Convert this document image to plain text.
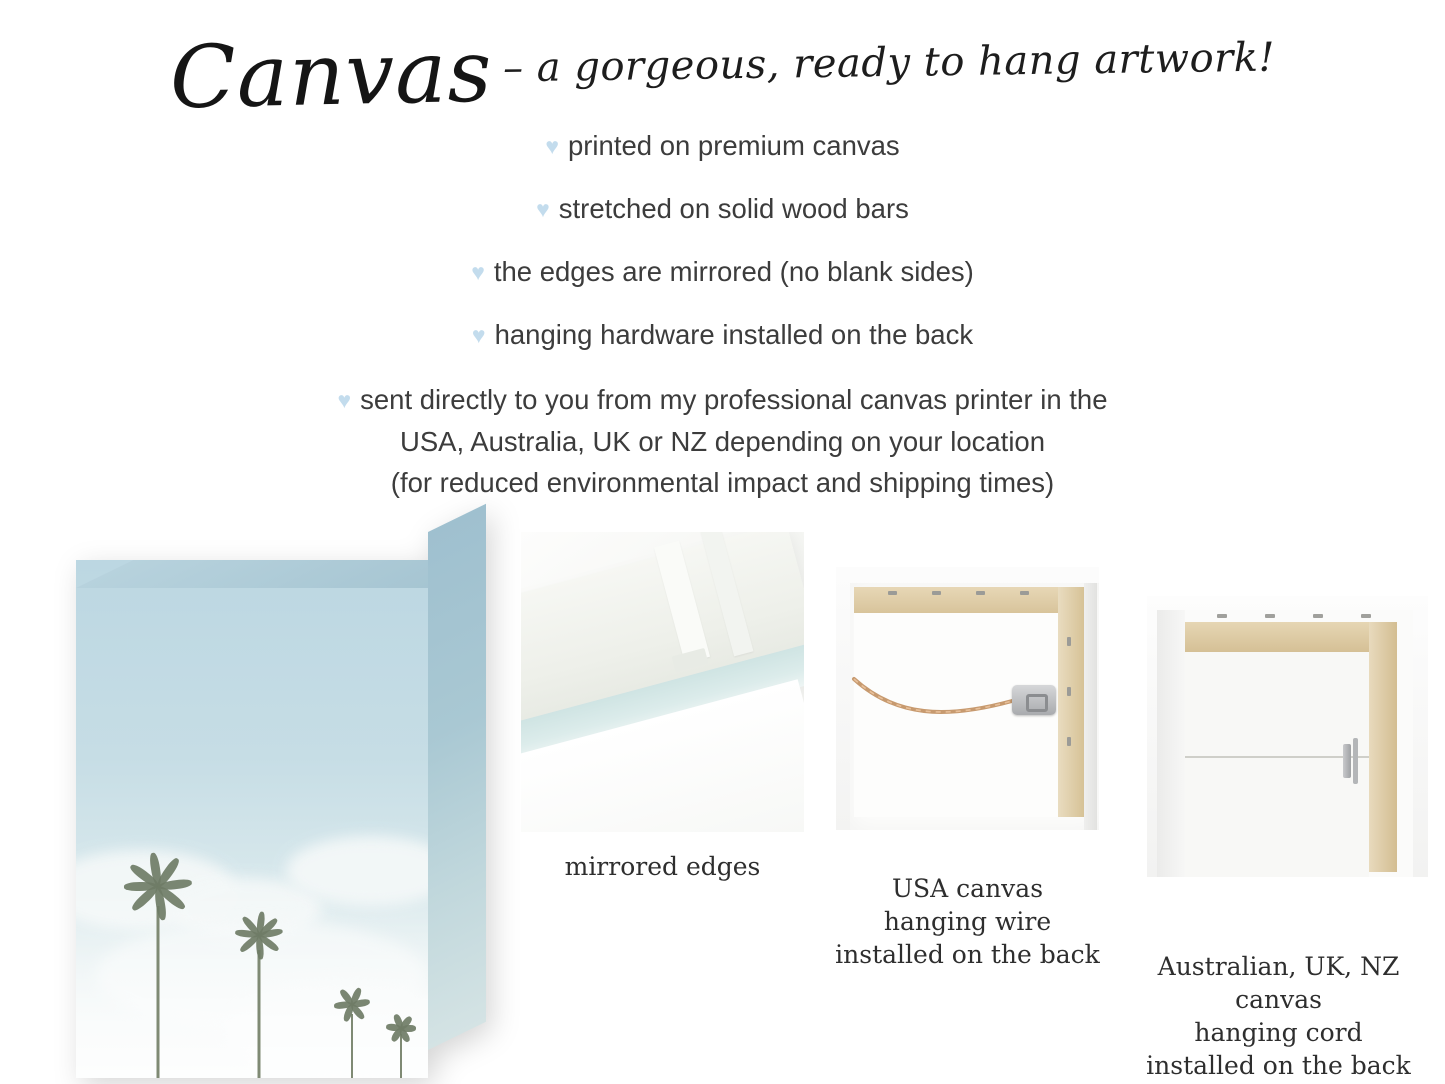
Canvas – a gorgeous, ready to hang artwork!

♥ printed on premium canvas

♥ stretched on solid wood bars

♥ the edges are mirrored (no blank sides)

♥ hanging hardware installed on the back

♥ sent directly to you from my professional canvas printer in the
USA, Australia, UK or NZ depending on your location
(for reduced environmental impact and shipping times)

mirrored edges
USA canvas
hanging wire
installed on the back	Australian, UK, NZ
canvas
hanging cord
installed on the back
